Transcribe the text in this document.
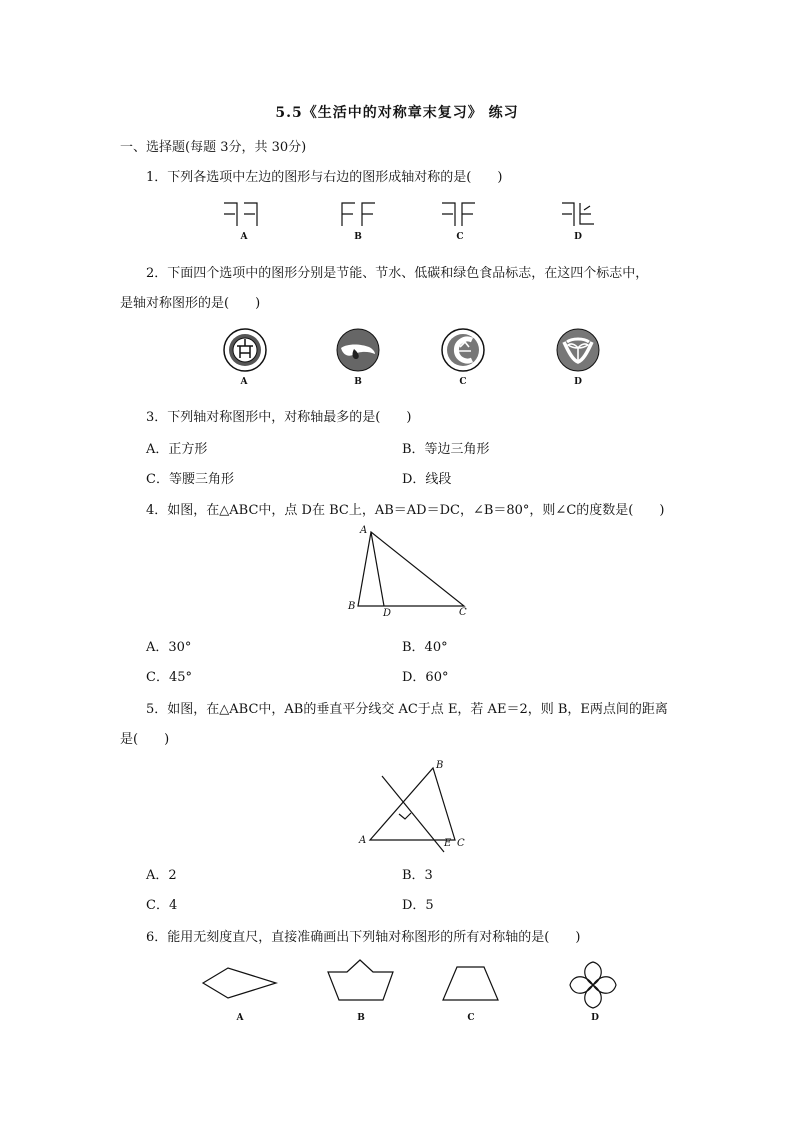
5.5《生活中的对称章末复习》 练习
一、选择题(每题 3分，共 30分)
1．下列各选项中左边的图形与右边的图形成轴对称的是(　　)
A	B	C	D
2．下面四个选项中的图形分别是节能、节水、低碳和绿色食品标志，在这四个标志中，
是轴对称图形的是(　　)
A	B	C	D
3．下列轴对称图形中，对称轴最多的是(　　)
A．正方形	B．等边三角形
C．等腰三角形	D．线段
4．如图，在△ABC中，点 D在 BC上，AB＝AD＝DC，∠B＝80°，则∠C的度数是(　　)
A
B
D	C
A．30°	B．40°
C．45°	D．60°
5．如图，在△ABC中，AB的垂直平分线交 AC于点 E，若 AE＝2，则 B，E两点间的距离
是(　　)
B
A	E C
A．2	B．3
C．4	D．5
6．能用无刻度直尺，直接准确画出下列轴对称图形的所有对称轴的是(　　)
A	B	C	D
